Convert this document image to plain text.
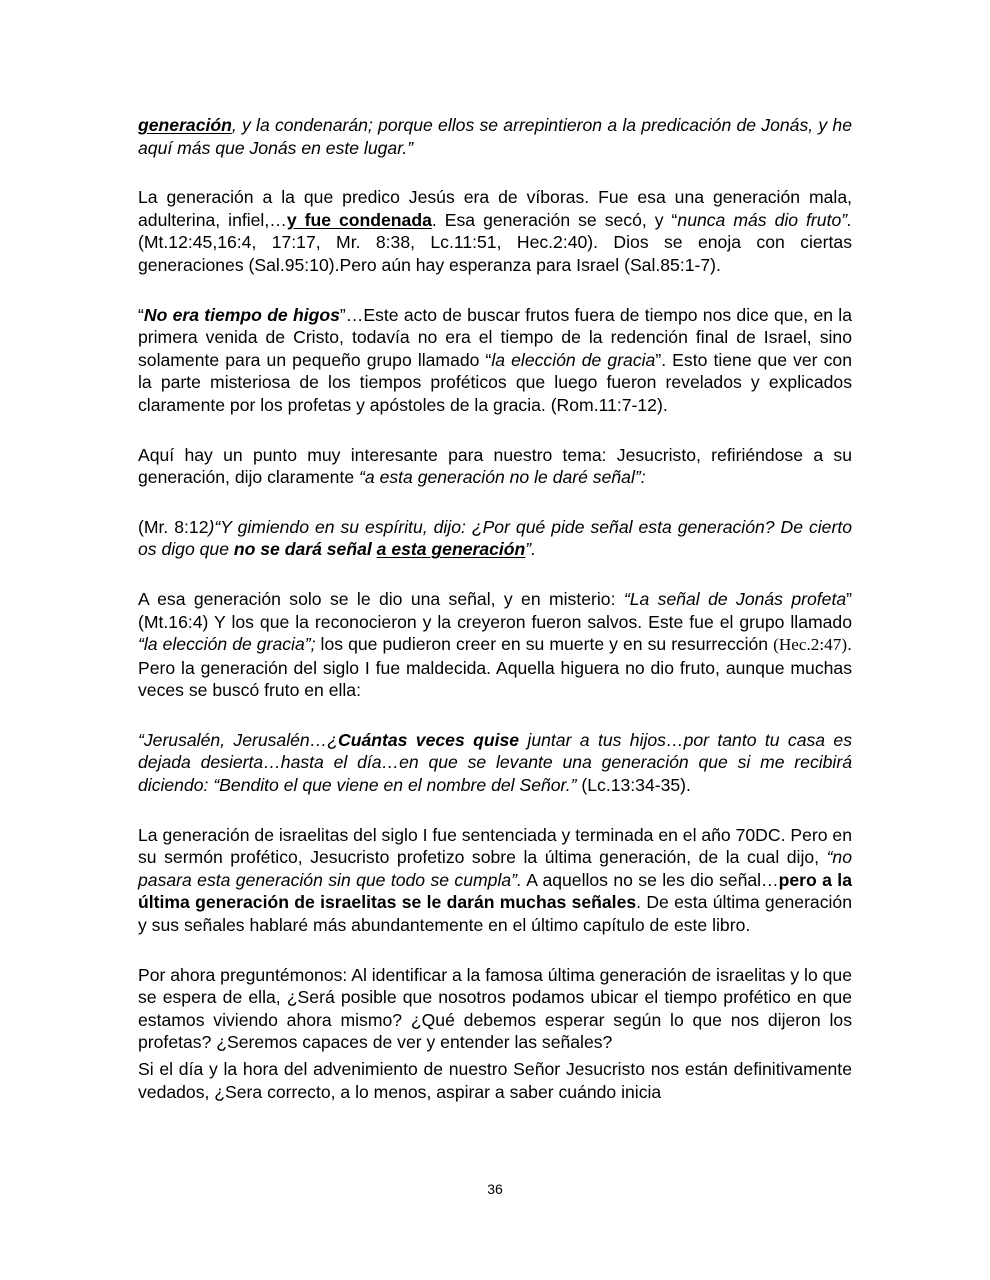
generación, y la condenarán; porque ellos se arrepintieron a la predicación de Jonás, y he aquí más que Jonás en este lugar.”

La generación a la que predico Jesús era de víboras. Fue esa una generación mala, adulterina, infiel,…y fue condenada. Esa generación se secó, y “nunca más dio fruto”. (Mt.12:45,16:4, 17:17, Mr. 8:38, Lc.11:51, Hec.2:40). Dios se enoja con ciertas generaciones (Sal.95:10).Pero aún hay esperanza para Israel (Sal.85:1-7).

“No era tiempo de higos”…Este acto de buscar frutos fuera de tiempo nos dice que, en la primera venida de Cristo, todavía no era el tiempo de la redención final de Israel, sino solamente para un pequeño grupo llamado “la elección de gracia”. Esto tiene que ver con la parte misteriosa de los tiempos proféticos que luego fueron revelados y explicados claramente por los profetas y apóstoles de la gracia. (Rom.11:7-12).

Aquí hay un punto muy interesante para nuestro tema: Jesucristo, refiriéndose a su generación, dijo claramente “a esta generación no le daré señal”:

(Mr. 8:12)“Y gimiendo en su espíritu, dijo: ¿Por qué pide señal esta generación? De cierto os digo que no se dará señal a esta generación”.

A esa generación solo se le dio una señal, y en misterio: “La señal de Jonás profeta” (Mt.16:4) Y los que la reconocieron y la creyeron fueron salvos. Este fue el grupo llamado “la elección de gracia”; los que pudieron creer en su muerte y en su resurrección (Hec.2:47). Pero la generación del siglo I fue maldecida. Aquella higuera no dio fruto, aunque muchas veces se buscó fruto en ella:

“Jerusalén, Jerusalén…¿Cuántas veces quise juntar a tus hijos…por tanto tu casa es dejada desierta…hasta el día…en que se levante una generación que si me recibirá diciendo: “Bendito el que viene en el nombre del Señor.” (Lc.13:34-35).

La generación de israelitas del siglo I fue sentenciada y terminada en el año 70DC. Pero en su sermón profético, Jesucristo profetizo sobre la última generación, de la cual dijo, “no pasara esta generación sin que todo se cumpla”. A aquellos no se les dio señal…pero a la última generación de israelitas se le darán muchas señales. De esta última generación y sus señales hablaré más abundantemente en el último capítulo de este libro.

Por ahora preguntémonos: Al identificar a la famosa última generación de israelitas y lo que se espera de ella, ¿Será posible que nosotros podamos ubicar el tiempo profético en que estamos viviendo ahora mismo? ¿Qué debemos esperar según lo que nos dijeron los profetas? ¿Seremos capaces de ver y entender las señales?

Si el día y la hora del advenimiento de nuestro Señor Jesucristo nos están definitivamente vedados, ¿Sera correcto, a lo menos, aspirar a saber cuándo inicia

36
